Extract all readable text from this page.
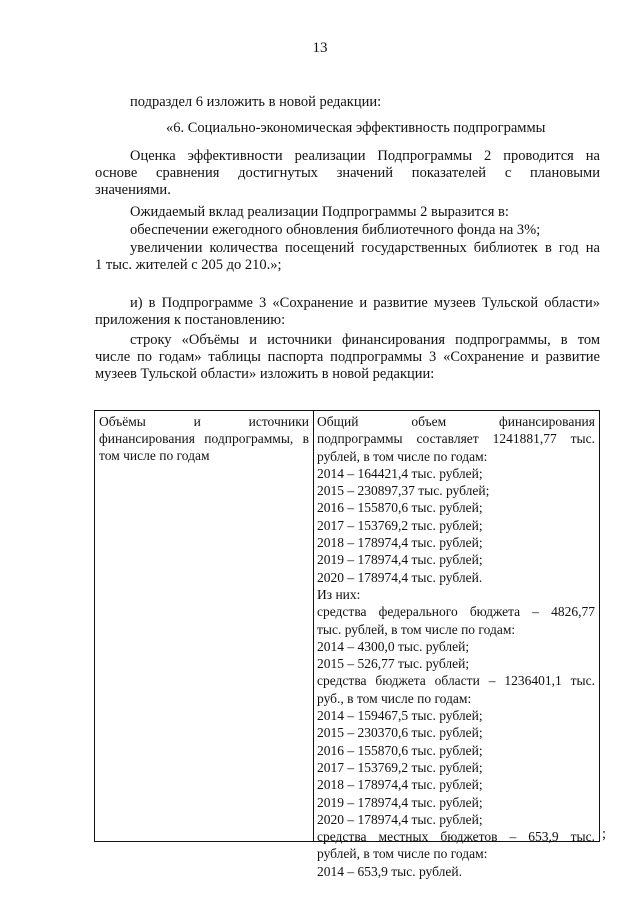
13

подраздел 6 изложить в новой редакции:

«6. Социально-экономическая эффективность подпрограммы

Оценка эффективности реализации Подпрограммы 2 проводится на
основе сравнения достигнутых значений показателей с плановыми
значениями.

Ожидаемый вклад реализации Подпрограммы 2 выразится в:

обеспечении ежегодного обновления библиотечного фонда на 3%;

увеличении количества посещений государственных библиотек в год на
1 тыс. жителей с 205 до 210.»;
и) в Подпрограмме 3 «Сохранение и развитие музеев Тульской области»
приложения к постановлению:
строку «Объёмы и источники финансирования подпрограммы, в том
числе по годам» таблицы паспорта подпрограммы 3 «Сохранение и развитие
музеев Тульской области» изложить в новой редакции:
Объёмы и источники
финансирования подпрограммы, в
том числе по годам
Общий объем финансирования
подпрограммы составляет 1241881,77 тыс.
рублей, в том числе по годам:
2014 – 164421,4 тыс. рублей;
2015 – 230897,37 тыс. рублей;
2016 – 155870,6 тыс. рублей;
2017 – 153769,2 тыс. рублей;
2018 – 178974,4 тыс. рублей;
2019 – 178974,4 тыс. рублей;
2020 – 178974,4 тыс. рублей.
Из них:
средства федерального бюджета – 4826,77
тыс. рублей, в том числе по годам:
2014 – 4300,0 тыс. рублей;
2015 – 526,77 тыс. рублей;
средства бюджета области – 1236401,1 тыс.
руб., в том числе по годам:
2014 – 159467,5 тыс. рублей;
2015 – 230370,6 тыс. рублей;
2016 – 155870,6 тыс. рублей;
2017 – 153769,2 тыс. рублей;
2018 – 178974,4 тыс. рублей;
2019 – 178974,4 тыс. рублей;
2020 – 178974,4 тыс. рублей;
средства местных бюджетов – 653,9 тыс.
рублей, в том числе по годам:
2014 – 653,9 тыс. рублей.
;
